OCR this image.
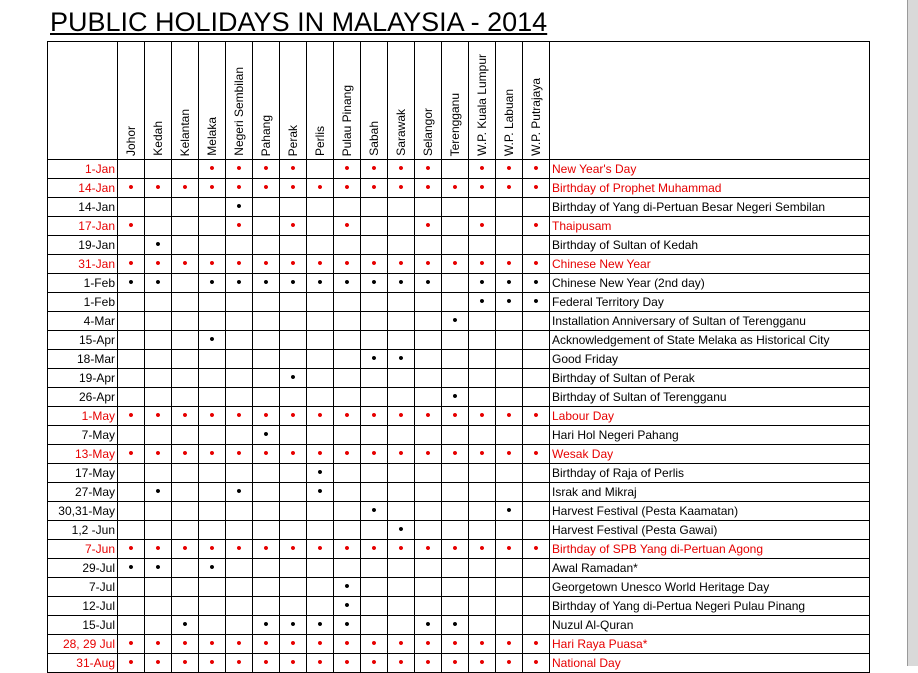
PUBLIC HOLIDAYS IN MALAYSIA - 2014

	Johor	Kedah	Kelantan	Melaka	Negeri Sembilan	Pahang	Perak	Perlis	Pulau Pinang	Sabah	Sarawak	Selangor	Terengganu	W.P. Kuala Lumpur	W.P. Labuan	W.P. Putrajaya	

1-Jan				•	•	•	•		•	•	•	•		•	•	•	New Year's Day
14-Jan	•	•	•	•	•	•	•	•	•	•	•	•	•	•	•	•	Birthday of Prophet Muhammad
14-Jan					•												Birthday of Yang di-Pertuan Besar Negeri Sembilan
17-Jan	•				•		•		•			•		•		•	Thaipusam
19-Jan		•															Birthday of Sultan of Kedah
31-Jan	•	•	•	•	•	•	•	•	•	•	•	•	•	•	•	•	Chinese New Year
1-Feb	•	•		•	•	•	•	•	•	•	•	•		•	•	•	Chinese New Year (2nd day)
1-Feb														•	•	•	Federal Territory Day
4-Mar													•				Installation Anniversary of Sultan of Terengganu
15-Apr				•													Acknowledgement of State Melaka as Historical City
18-Mar										•	•						Good Friday
19-Apr							•										Birthday of Sultan of Perak
26-Apr													•				Birthday of Sultan of Terengganu
1-May	•	•	•	•	•	•	•	•	•	•	•	•	•	•	•	•	Labour Day
7-May						•											Hari Hol Negeri Pahang
13-May	•	•	•	•	•	•	•	•	•	•	•	•	•	•	•	•	Wesak Day
17-May								•									Birthday of Raja of Perlis
27-May		•			•			•									Israk and Mikraj
30,31-May										•					•		Harvest Festival (Pesta Kaamatan)
1,2 -Jun											•						Harvest Festival (Pesta Gawai)
7-Jun	•	•	•	•	•	•	•	•	•	•	•	•	•	•	•	•	Birthday of SPB Yang di-Pertuan Agong
29-Jul	•	•		•													Awal Ramadan*
7-Jul									•								Georgetown Unesco World Heritage Day
12-Jul									•								Birthday of Yang di-Pertua Negeri Pulau Pinang
15-Jul			•			•	•	•	•			•	•				Nuzul Al-Quran
28, 29 Jul	•	•	•	•	•	•	•	•	•	•	•	•	•	•	•	•	Hari Raya Puasa*
31-Aug	•	•	•	•	•	•	•	•	•	•	•	•	•	•	•	•	National Day
